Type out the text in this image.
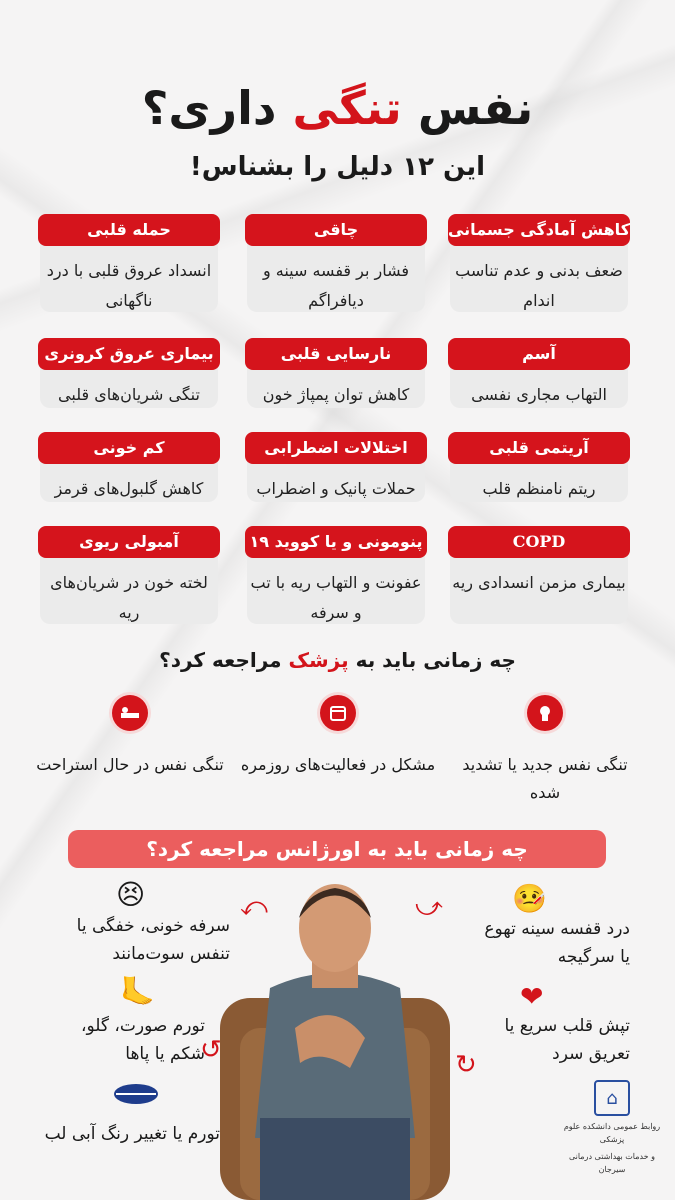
نفس تنگی داری؟
این ۱۲ دلیل را بشناس!
کاهش آمادگی جسمانی
ضعف بدنی و عدم تناسب اندام
چاقی
فشار بر قفسه سینه و دیافراگم
حمله قلبی
انسداد عروق قلبی با درد ناگهانی
آسم
التهاب مجاری نفسی
نارسایی قلبی
کاهش توان پمپاژ خون
بیماری عروق کرونری
تنگی شریان‌های قلبی
آریتمی قلبی
ریتم نامنظم قلب
اختلالات اضطرابی
حملات پانیک و اضطراب
کم خونی
کاهش گلبول‌های قرمز
COPD
بیماری مزمن انسدادی ریه
پنومونی و یا کووید ۱۹
عفونت و التهاب ریه با تب و سرفه
آمبولی ریوی
لخته خون در شریان‌های ریه
چه زمانی باید به پزشک مراجعه کرد؟
تنگی نفس جدید یا تشدید شده
مشکل در فعالیت‌های روزمره
تنگی نفس در حال استراحت
چه زمانی باید به اورژانس مراجعه کرد؟
🤒
درد قفسه سینه تهوع یا سرگیجه
❤
تپش قلب سریع یا تعریق سرد
😣
سرفه خونی، خفگی یا تنفس سوت‌مانند
🦶
تورم صورت، گلو، شکم یا پاها
تورم یا تغییر رنگ آبی لب
⤺	⤻
↺	↻
⌂
روابط عمومی دانشکده علوم پزشکی
و خدمات بهداشتی درمانی سیرجان
